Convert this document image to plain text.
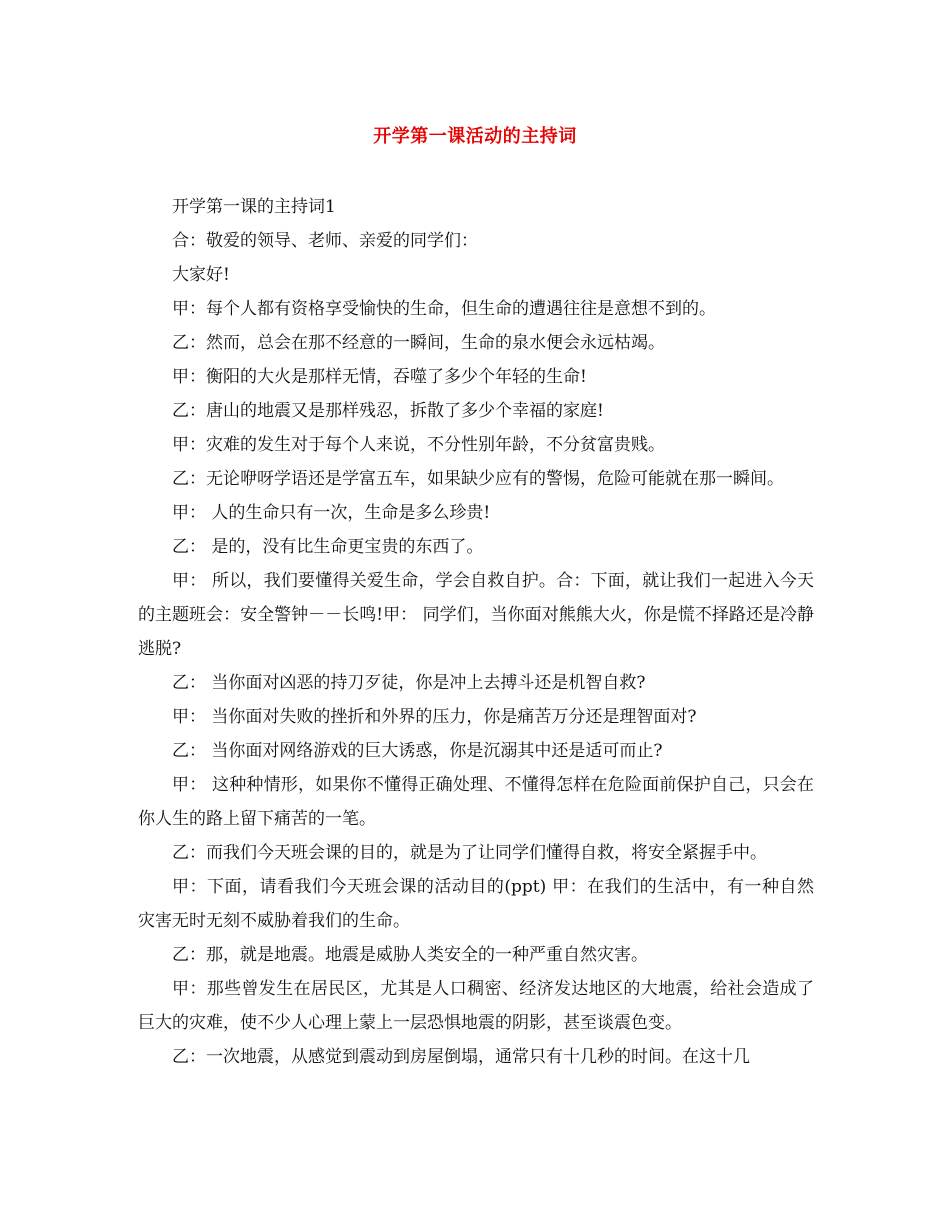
开学第一课活动的主持词

开学第一课的主持词1

合：敬爱的领导、老师、亲爱的同学们：

大家好!

甲：每个人都有资格享受愉快的生命，但生命的遭遇往往是意想不到的。

乙：然而，总会在那不经意的一瞬间，生命的泉水便会永远枯竭。

甲：衡阳的大火是那样无情，吞噬了多少个年轻的生命!

乙：唐山的地震又是那样残忍，拆散了多少个幸福的家庭!

甲：灾难的发生对于每个人来说，不分性别年龄，不分贫富贵贱。

乙：无论咿呀学语还是学富五车，如果缺少应有的警惕，危险可能就在那一瞬间。

甲： 人的生命只有一次，生命是多么珍贵!

乙： 是的，没有比生命更宝贵的东西了。

甲： 所以，我们要懂得关爱生命，学会自救自护。合：下面，就让我们一起进入今天的主题班会：安全警钟－－长鸣!甲： 同学们，当你面对熊熊大火，你是慌不择路还是冷静逃脱?

乙： 当你面对凶恶的持刀歹徒，你是冲上去搏斗还是机智自救?

甲： 当你面对失败的挫折和外界的压力，你是痛苦万分还是理智面对?

乙： 当你面对网络游戏的巨大诱惑，你是沉溺其中还是适可而止?

甲： 这种种情形，如果你不懂得正确处理、不懂得怎样在危险面前保护自己，只会在你人生的路上留下痛苦的一笔。

乙：而我们今天班会课的目的，就是为了让同学们懂得自救，将安全紧握手中。

甲：下面，请看我们今天班会课的活动目的(ppt) 甲：在我们的生活中，有一种自然灾害无时无刻不威胁着我们的生命。

乙：那，就是地震。地震是威胁人类安全的一种严重自然灾害。

甲：那些曾发生在居民区，尤其是人口稠密、经济发达地区的大地震，给社会造成了巨大的灾难，使不少人心理上蒙上一层恐惧地震的阴影，甚至谈震色变。

乙：一次地震，从感觉到震动到房屋倒塌，通常只有十几秒的时间。在这十几
